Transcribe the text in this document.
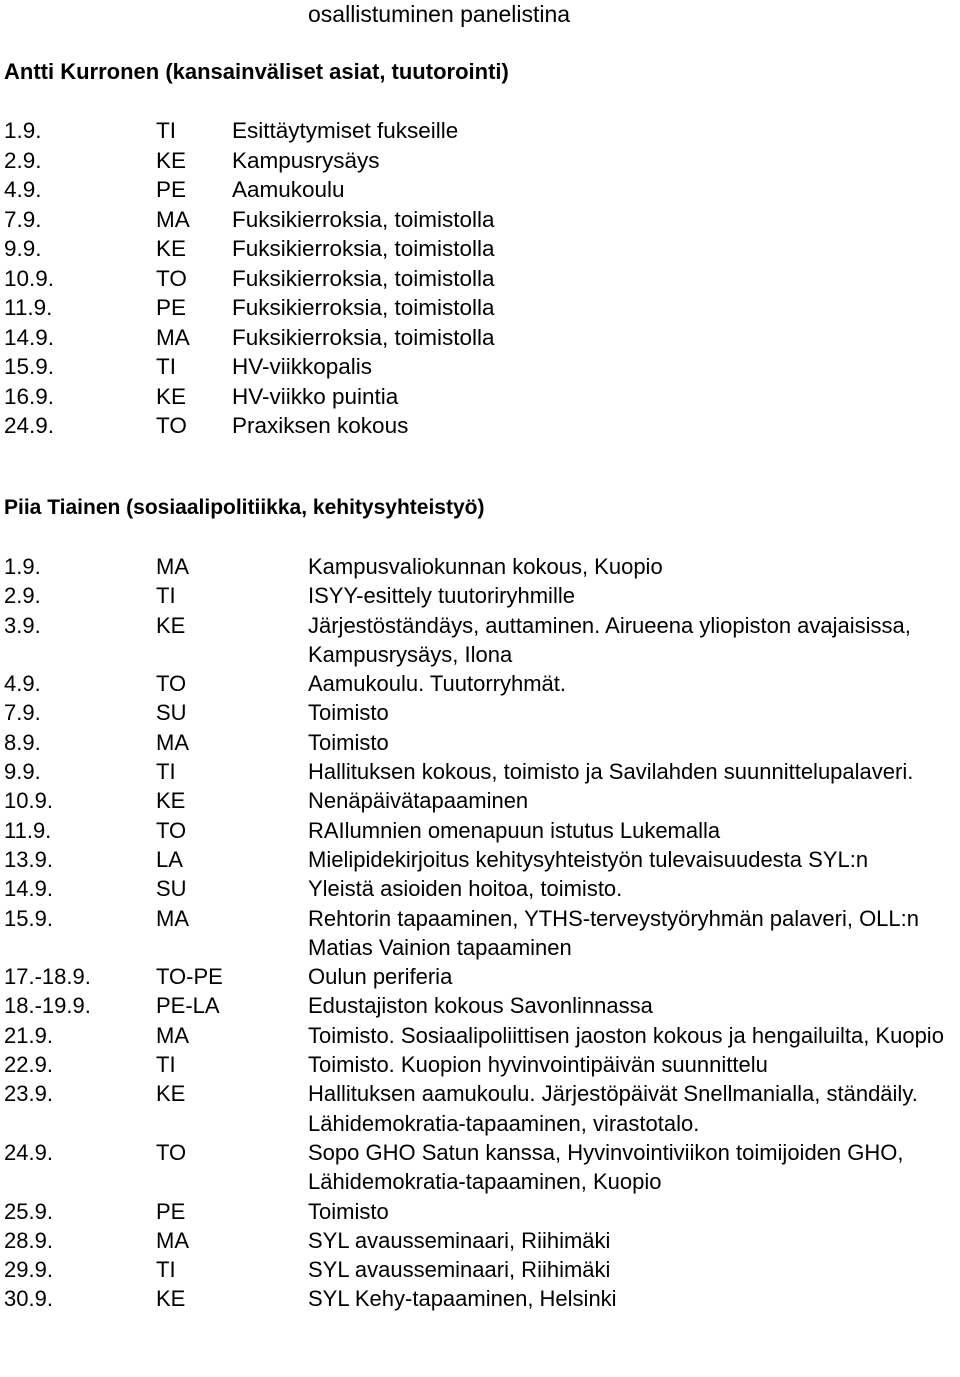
osallistuminen panelistina
Antti Kurronen (kansainväliset asiat, tuutorointi)
1.9.	TI	Esittäytymiset fukseille
2.9.	KE	Kampusrysäys
4.9.	PE	Aamukoulu
7.9.	MA	Fuksikierroksia, toimistolla
9.9.	KE	Fuksikierroksia, toimistolla
10.9.	TO	Fuksikierroksia, toimistolla
11.9.	PE	Fuksikierroksia, toimistolla
14.9.	MA	Fuksikierroksia, toimistolla
15.9.	TI	HV-viikkopalis
16.9.	KE	HV-viikko puintia
24.9.	TO	Praxiksen kokous
Piia Tiainen (sosiaalipolitiikka, kehitysyhteistyö)
1.9.	MA	Kampusvaliokunnan kokous, Kuopio
2.9.	TI	ISYY-esittely tuutoriryhmille
3.9.	KE	Järjestöständäys, auttaminen. Airueena yliopiston avajaisissa, Kampusrysäys, Ilona
4.9.	TO	Aamukoulu. Tuutorryhmät.
7.9.	SU	Toimisto
8.9.	MA	Toimisto
9.9.	TI	Hallituksen kokous, toimisto ja Savilahden suunnittelupalaveri.
10.9.	KE	Nenäpäivätapaaminen
11.9.	TO	RAIlumnien omenapuun istutus Lukemalla
13.9.	LA	Mielipidekirjoitus kehitysyhteistyön tulevaisuudesta SYL:n
14.9.	SU	Yleistä asioiden hoitoa, toimisto.
15.9.	MA	Rehtorin tapaaminen, YTHS-terveystyöryhmän palaveri, OLL:n Matias Vainion tapaaminen
17.-18.9.	TO-PE	Oulun periferia
18.-19.9.	PE-LA	Edustajiston kokous Savonlinnassa
21.9.	MA	Toimisto. Sosiaalipoliittisen jaoston kokous ja hengailuilta, Kuopio
22.9.	TI	Toimisto. Kuopion hyvinvointipäivän suunnittelu
23.9.	KE	Hallituksen aamukoulu. Järjestöpäivät Snellmanialla, ständäily. Lähidemokratia-tapaaminen, virastotalo.
24.9.	TO	Sopo GHO Satun kanssa, Hyvinvointiviikon toimijoiden GHO, Lähidemokratia-tapaaminen, Kuopio
25.9.	PE	Toimisto
28.9.	MA	SYL avausseminaari, Riihimäki
29.9.	TI	SYL avausseminaari, Riihimäki
30.9.	KE	SYL Kehy-tapaaminen, Helsinki
